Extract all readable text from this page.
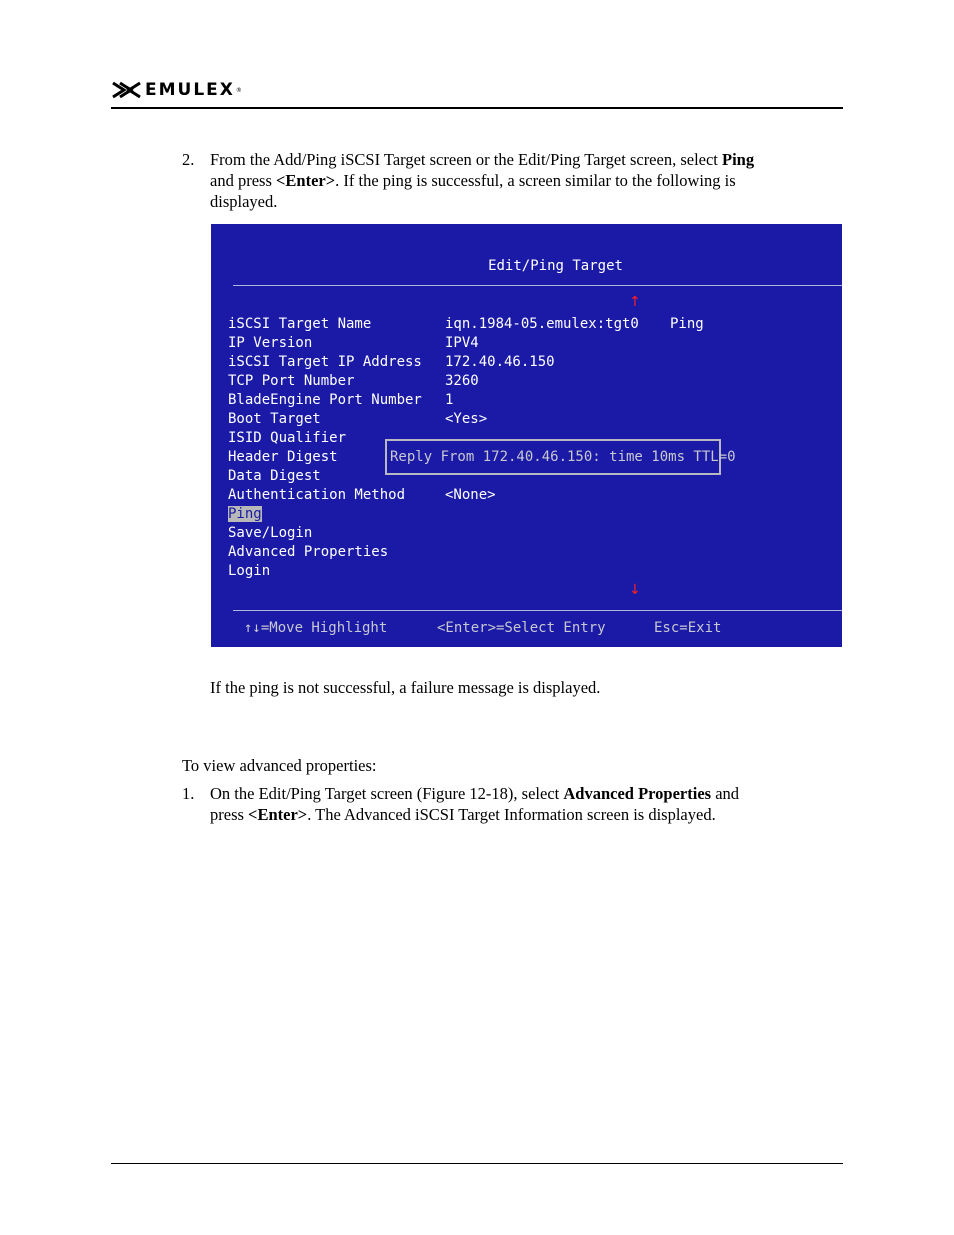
EMULEX ®
2. From the Add/Ping iSCSI Target screen or the Edit/Ping Target screen, select Ping
and press <Enter>. If the ping is successful, a screen similar to the following is
displayed.
Edit/Ping Target
↑
iSCSI Target Name	iqn.1984-05.emulex:tgt0 Ping
IP Version	IPV4
iSCSI Target IP Address 172.40.46.150
TCP Port Number	3260
BladeEngine Port Number 1
Boot Target	<Yes>
ISID Qualifier
Header Digest
Data Digest
Authentication Method	<None>
Ping
Save/Login
Advanced Properties
Login
Reply From 172.40.46.150: time 10ms TTL=0
↓
↑↓=Move Highlight	<Enter>=Select Entry	Esc=Exit
If the ping is not successful, a failure message is displayed.
To view advanced properties:
1. On the Edit/Ping Target screen (Figure 12-18), select Advanced Properties and
press <Enter>. The Advanced iSCSI Target Information screen is displayed.
